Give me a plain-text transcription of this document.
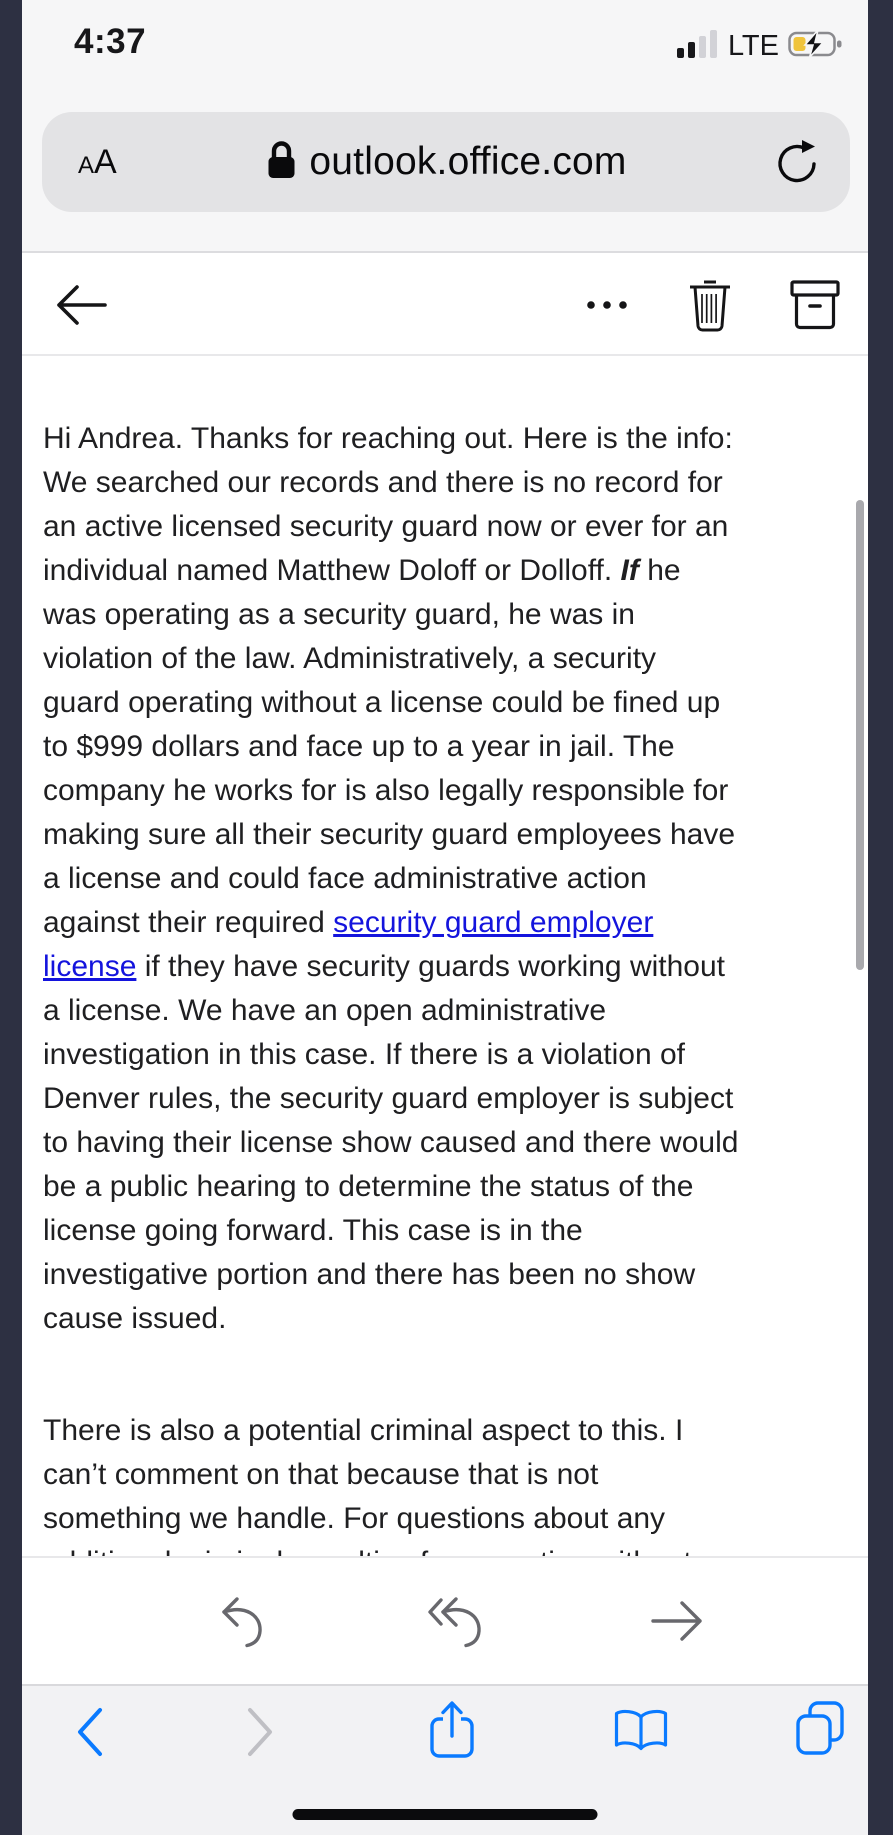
4:37	LTE
AA	outlook.office.com
Hi Andrea. Thanks for reaching out. Here is the info:
We searched our records and there is no record for
an active licensed security guard now or ever for an
individual named Matthew Doloff or Dolloff. If he
was operating as a security guard, he was in
violation of the law. Administratively, a security
guard operating without a license could be fined up
to $999 dollars and face up to a year in jail. The
company he works for is also legally responsible for
making sure all their security guard employees have
a license and could face administrative action
against their required security guard employer
license if they have security guards working without
a license. We have an open administrative
investigation in this case. If there is a violation of
Denver rules, the security guard employer is subject
to having their license show caused and there would
be a public hearing to determine the status of the
license going forward. This case is in the
investigative portion and there has been no show
cause issued.
There is also a potential criminal aspect to this. I
can’t comment on that because that is not
something we handle. For questions about any
